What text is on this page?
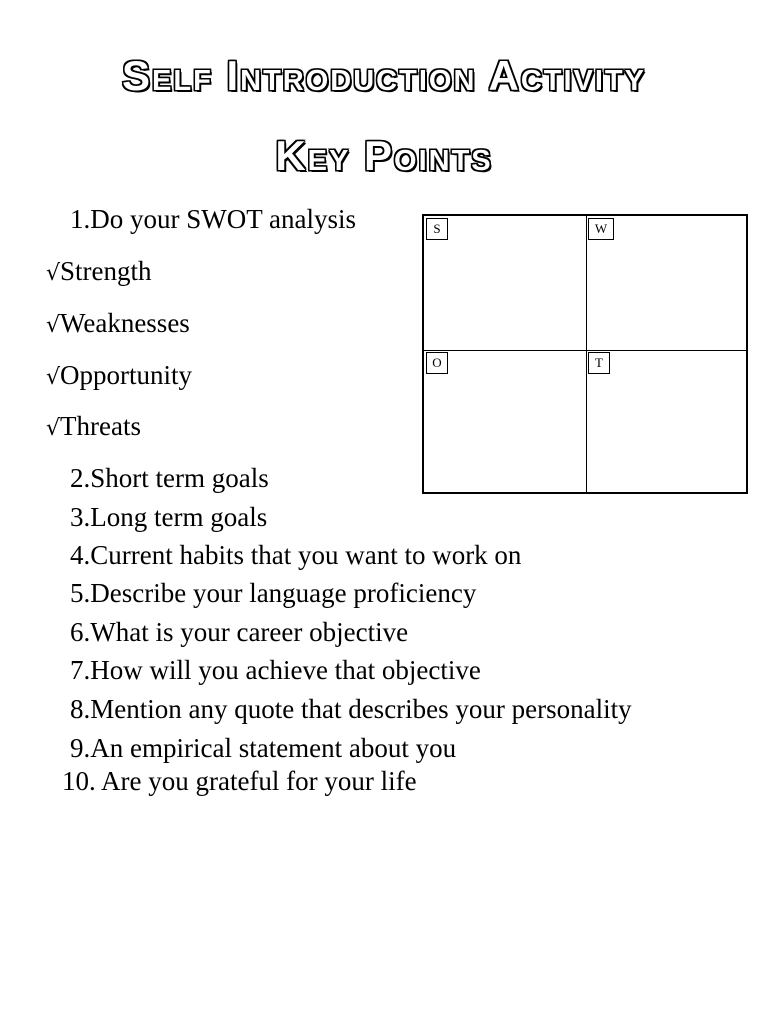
Self Introduction Activity
Key Points
1.Do your SWOT analysis
√Strength
√Weaknesses
√Opportunity
√Threats
2.Short term goals
3.Long term goals
4.Current habits that you want to work on
5.Describe your language proficiency
6.What is your career objective
7.How will you achieve that objective
8.Mention any quote that describes your personality
9.An empirical statement about you
10. Are you grateful for your life
S	W
O	T
